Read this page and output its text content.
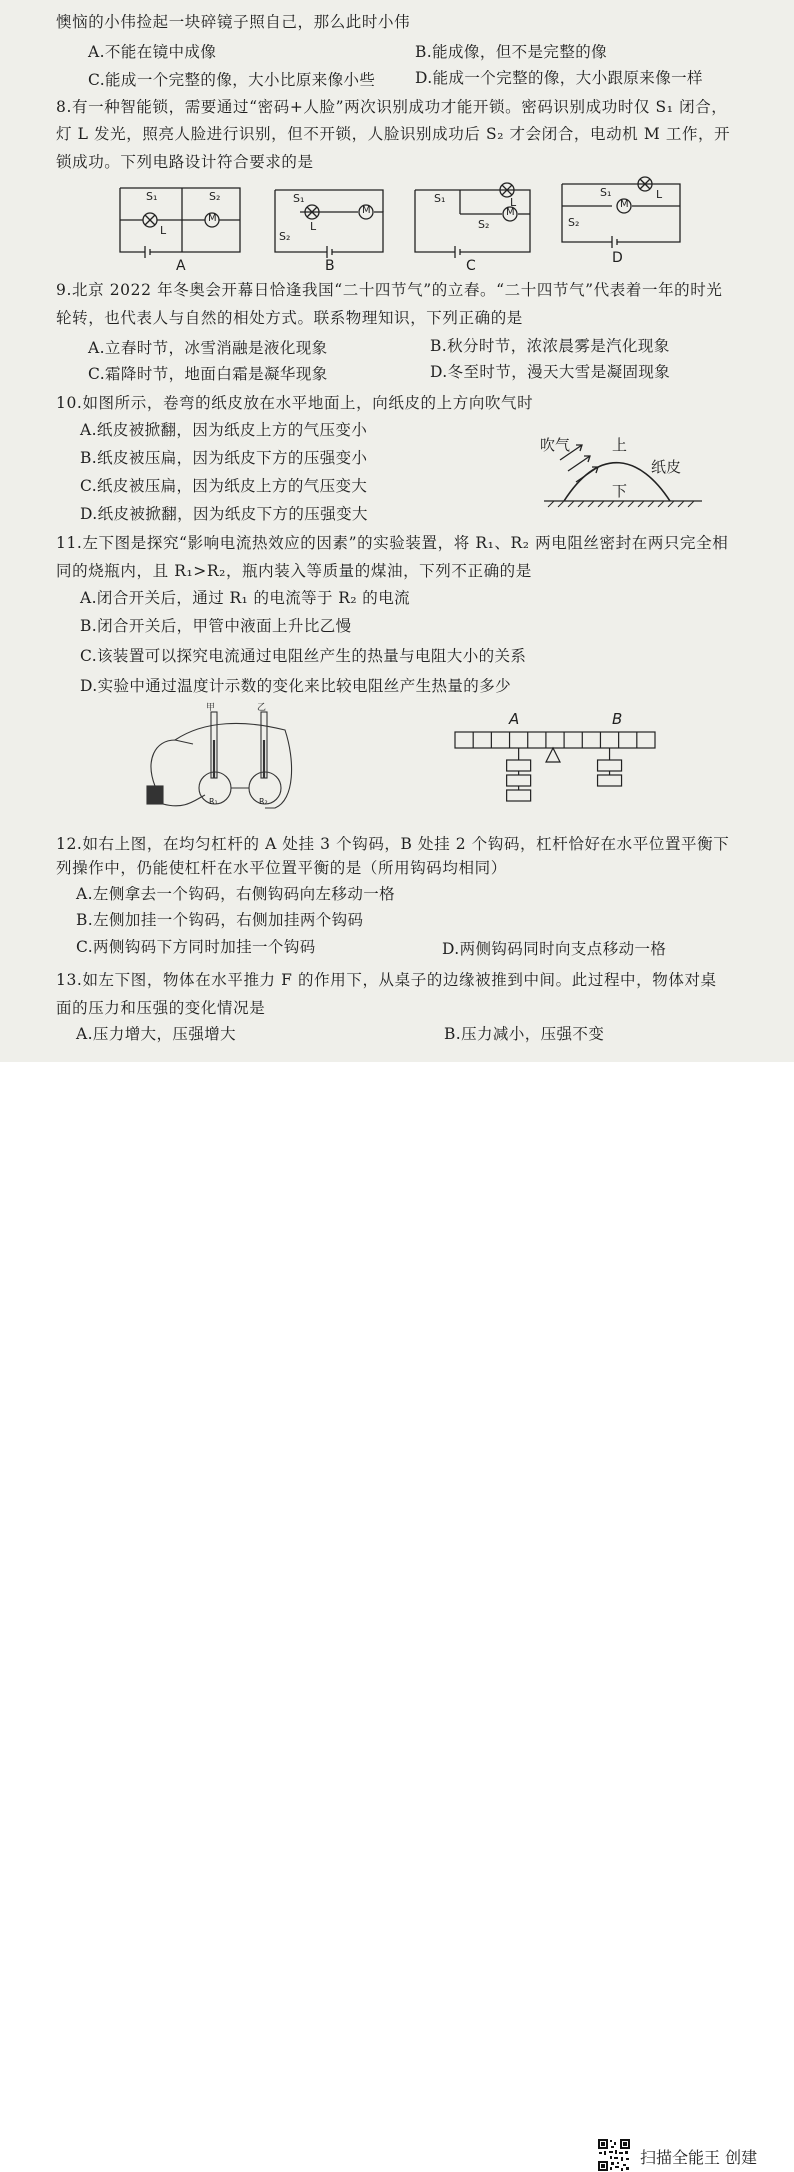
懊恼的小伟捡起一块碎镜子照自己，那么此时小伟
A.不能在镜中成像	B.能成像，但不是完整的像
C.能成一个完整的像，大小比原来像小些	D.能成一个完整的像，大小跟原来像一样
8.有一种智能锁，需要通过“密码+人脸”两次识别成功才能开锁。密码识别成功时仅 S₁ 闭合，
灯 L 发光，照亮人脸进行识别，但不开锁，人脸识别成功后 S₂ 才会闭合，电动机 M 工作，开
锁成功。下列电路设计符合要求的是
S₁	S₂
L
M
A
S₁
L
M
S₂
B
S₁	L
M
S₂
C
S₁	L
M
S₂
D
9.北京 2022 年冬奥会开幕日恰逢我国“二十四节气”的立春。“二十四节气”代表着一年的时光
轮转，也代表人与自然的相处方式。联系物理知识，下列正确的是
A.立春时节，冰雪消融是液化现象	B.秋分时节，浓浓晨雾是汽化现象
C.霜降时节，地面白霜是凝华现象	D.冬至时节，漫天大雪是凝固现象
10.如图所示，卷弯的纸皮放在水平地面上，向纸皮的上方向吹气时
A.纸皮被掀翻，因为纸皮上方的气压变小
B.纸皮被压扁，因为纸皮下方的压强变小
C.纸皮被压扁，因为纸皮上方的气压变大
D.纸皮被掀翻，因为纸皮下方的压强变大
吹气	上
纸皮
下
11.左下图是探究“影响电流热效应的因素”的实验装置，将 R₁、R₂ 两电阻丝密封在两只完全相
同的烧瓶内，且 R₁>R₂，瓶内装入等质量的煤油，下列不正确的是
A.闭合开关后，通过 R₁ 的电流等于 R₂ 的电流
B.闭合开关后，甲管中液面上升比乙慢
C.该装置可以探究电流通过电阻丝产生的热量与电阻大小的关系
D.实验中通过温度计示数的变化来比较电阻丝产生热量的多少
甲	乙
R₁	R₂
A	B
12.如右上图，在均匀杠杆的 A 处挂 3 个钩码，B 处挂 2 个钩码，杠杆恰好在水平位置平衡下
列操作中，仍能使杠杆在水平位置平衡的是（所用钩码均相同）
A.左侧拿去一个钩码，右侧钩码向左移动一格
B.左侧加挂一个钩码，右侧加挂两个钩码
C.两侧钩码下方同时加挂一个钩码	D.两侧钩码同时向支点移动一格
13.如左下图，物体在水平推力 F 的作用下，从桌子的边缘被推到中间。此过程中，物体对桌
面的压力和压强的变化情况是
A.压力增大，压强增大	B.压力减小，压强不变
扫描全能王 创建
